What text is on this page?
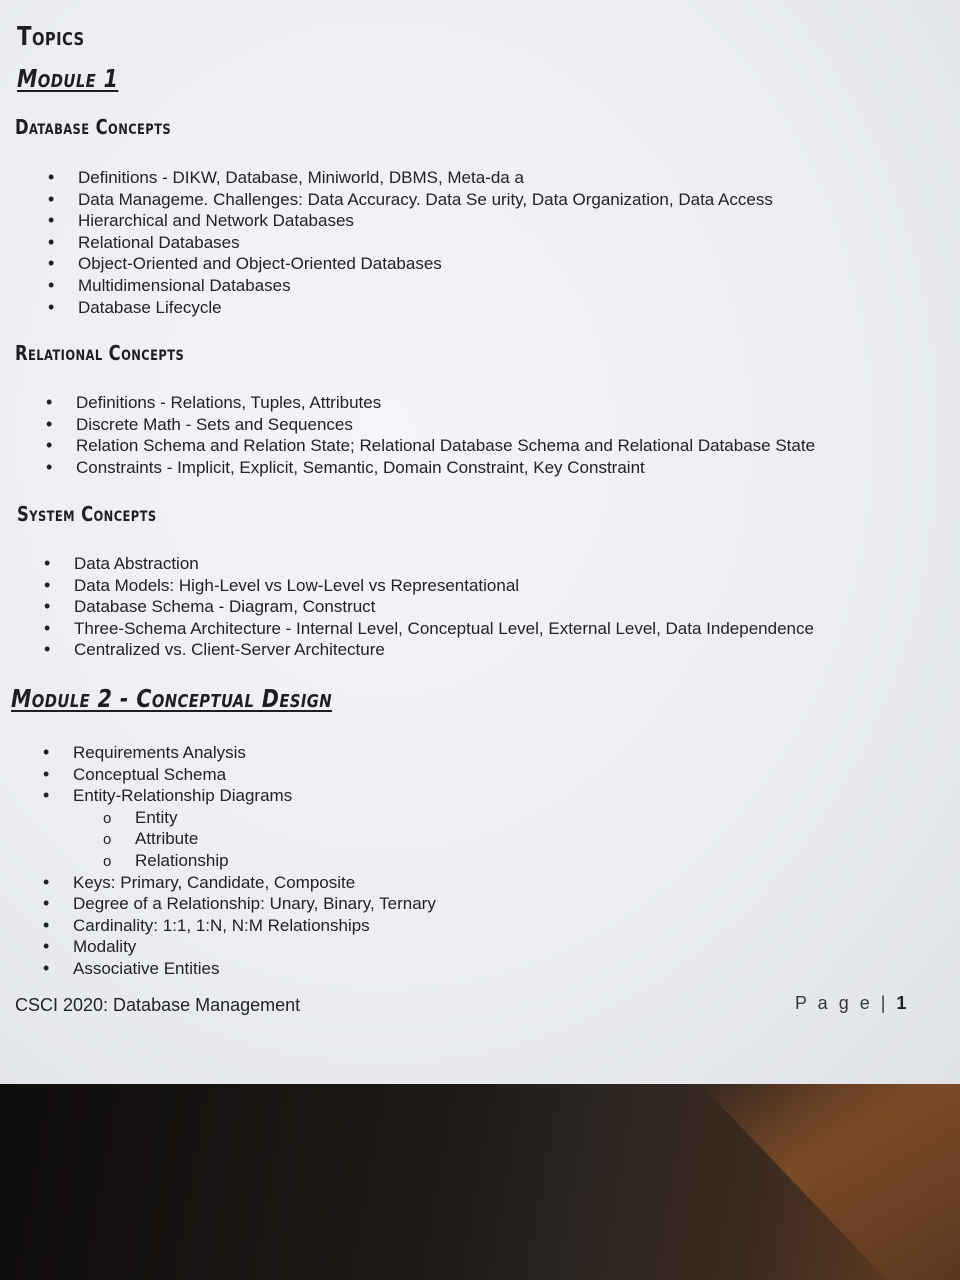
Topics
Module 1
Database Concepts
• Definitions - DIKW, Database, Miniworld, DBMS, Meta-da a
• Data Manageme. Challenges: Data Accuracy. Data Se urity, Data Organization, Data Access
• Hierarchical and Network Databases
• Relational Databases
• Object-Oriented and Object-Oriented Databases
• Multidimensional Databases
• Database Lifecycle
Relational Concepts
• Definitions - Relations, Tuples, Attributes
• Discrete Math - Sets and Sequences
• Relation Schema and Relation State; Relational Database Schema and Relational Database State
• Constraints - Implicit, Explicit, Semantic, Domain Constraint, Key Constraint
System Concepts
• Data Abstraction
• Data Models: High-Level vs Low-Level vs Representational
• Database Schema - Diagram, Construct
• Three-Schema Architecture - Internal Level, Conceptual Level, External Level, Data Independence
• Centralized vs. Client-Server Architecture
Module 2 - Conceptual Design
• Requirements Analysis
• Conceptual Schema
• Entity-Relationship Diagrams
o Entity
o Attribute
o Relationship
• Keys: Primary, Candidate, Composite
• Degree of a Relationship: Unary, Binary, Ternary
• Cardinality: 1:1, 1:N, N:M Relationships
• Modality
• Associative Entities
CSCI 2020: Database Management	P a g e | 1
